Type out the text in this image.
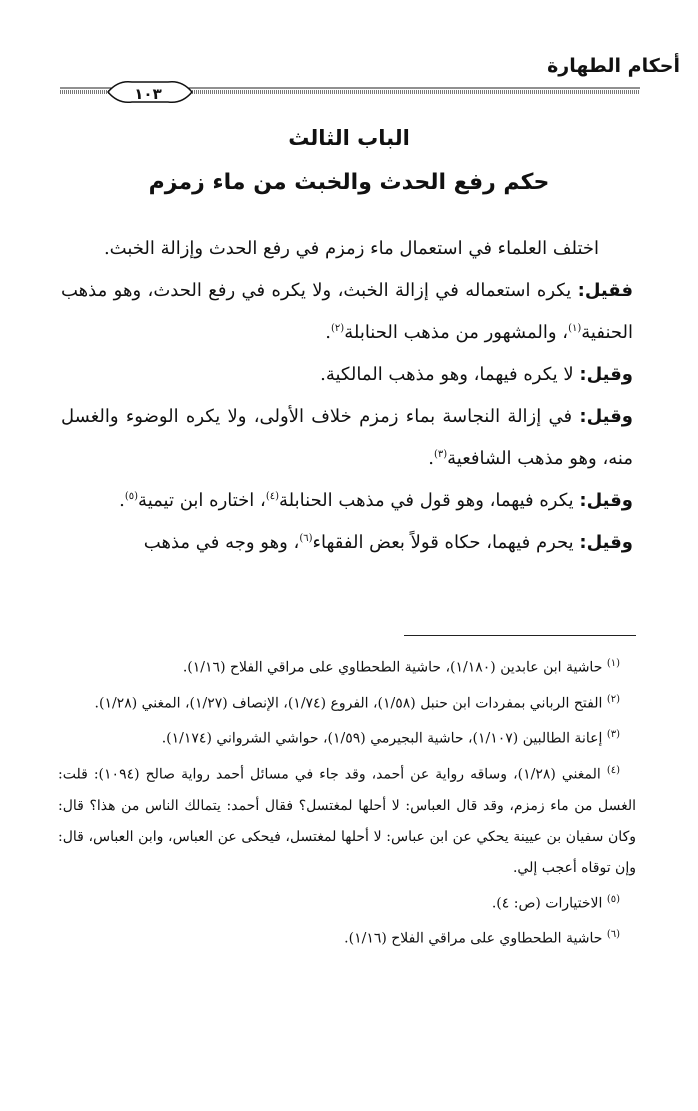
أحكام الطهارة
١٠٣
الباب الثالث
حكم رفع الحدث والخبث من ماء زمزم

اختلف العلماء في استعمال ماء زمزم في رفع الحدث وإزالة الخبث.

فقيل: يكره استعماله في إزالة الخبث، ولا يكره في رفع الحدث، وهو مذهب الحنفية$^{(١)}$، والمشهور من مذهب الحنابلة$^{(٢)}$.

وقيل: لا يكره فيهما، وهو مذهب المالكية.

وقيل: في إزالة النجاسة بماء زمزم خلاف الأولى، ولا يكره الوضوء والغسل منه، وهو مذهب الشافعية$^{(٣)}$.

وقيل: يكره فيهما، وهو قول في مذهب الحنابلة$^{(٤)}$، اختاره ابن تيمية$^{(٥)}$.

وقيل: يحرم فيهما، حكاه قولاً بعض الفقهاء$^{(٦)}$، وهو وجه في مذهب

$^{(١)}$ حاشية ابن عابدين (١/١٨٠)، حاشية الطحطاوي على مراقي الفلاح (١/١٦).

$^{(٢)}$ الفتح الرباني بمفردات ابن حنبل (١/٥٨)، الفروع (١/٧٤)، الإنصاف (١/٢٧)، المغني (١/٢٨).

$^{(٣)}$ إعانة الطالبين (١/١٠٧)، حاشية البجيرمي (١/٥٩)، حواشي الشرواني (١/١٧٤).

$^{(٤)}$ المغني (١/٢٨)، وساقه رواية عن أحمد، وقد جاء في مسائل أحمد رواية صالح (١٠٩٤): قلت: الغسل من ماء زمزم، وقد قال العباس: لا أحلها لمغتسل؟ فقال أحمد: يتمالك الناس من هذا؟ قال: وكان سفيان بن عيينة يحكي عن ابن عباس: لا أحلها لمغتسل، فيحكى عن العباس، وابن العباس، قال: وإن توقاه أعجب إلي.

$^{(٥)}$ الاختيارات (ص: ٤).

$^{(٦)}$ حاشية الطحطاوي على مراقي الفلاح (١/١٦).
